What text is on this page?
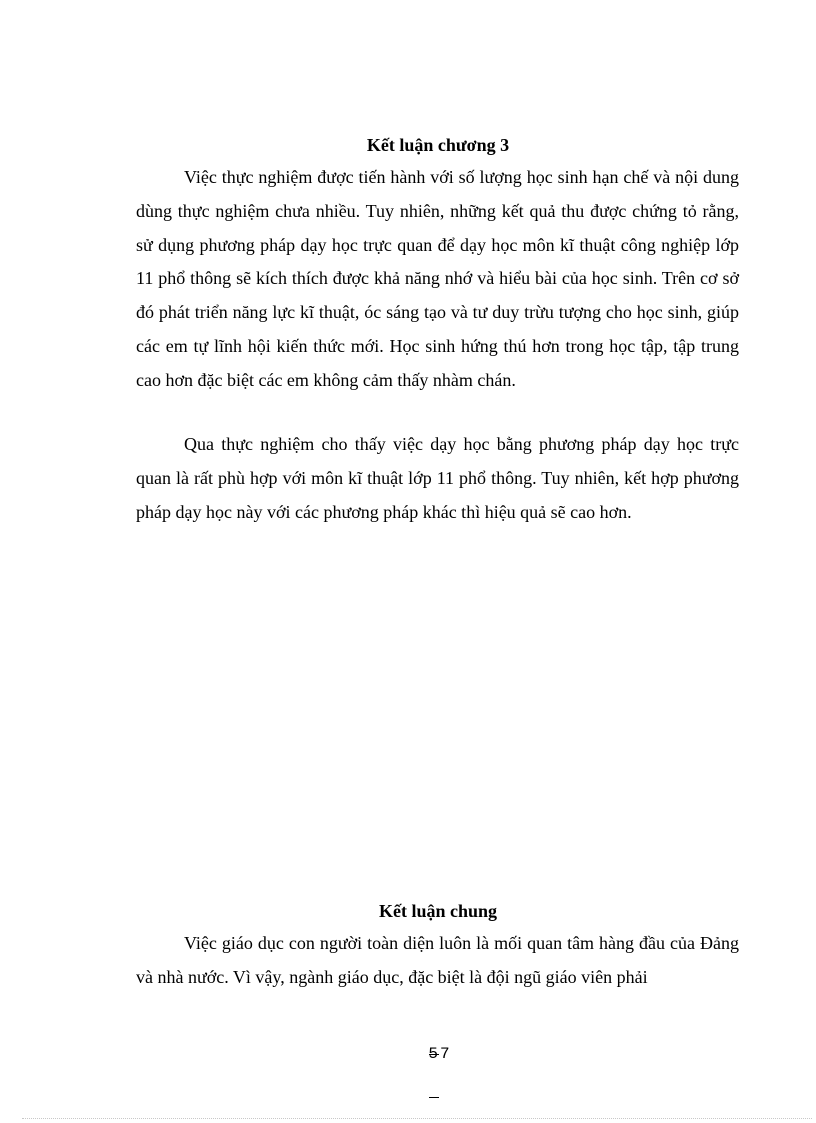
Kết luận chương 3

Việc thực nghiệm được tiến hành với số lượng học sinh hạn chế và nội dung dùng thực nghiệm chưa nhiều. Tuy nhiên, những kết quả thu được chứng tỏ rằng, sử dụng phương pháp dạy học trực quan để dạy học môn kĩ thuật công nghiệp lớp 11 phổ thông sẽ kích thích được khả năng nhớ và hiểu bài của học sinh. Trên cơ sở đó phát triển năng lực kĩ thuật, óc sáng tạo và tư duy trừu tượng cho học sinh, giúp các em tự lĩnh hội kiến thức mới. Học sinh hứng thú hơn trong học tập, tập trung cao hơn đặc biệt các em không cảm thấy nhàm chán.

Qua thực nghiệm cho thấy việc dạy học bằng phương pháp dạy học trực quan là rất phù hợp với môn kĩ thuật lớp 11 phổ thông. Tuy nhiên, kết hợp phương pháp dạy học này với các phương pháp khác thì hiệu quả sẽ cao hơn.

Kết luận chung

Việc giáo dục con người toàn diện luôn là mối quan tâm hàng đầu của Đảng và nhà nước. Vì vậy, ngành giáo dục, đặc biệt là đội ngũ giáo viên phải

57
